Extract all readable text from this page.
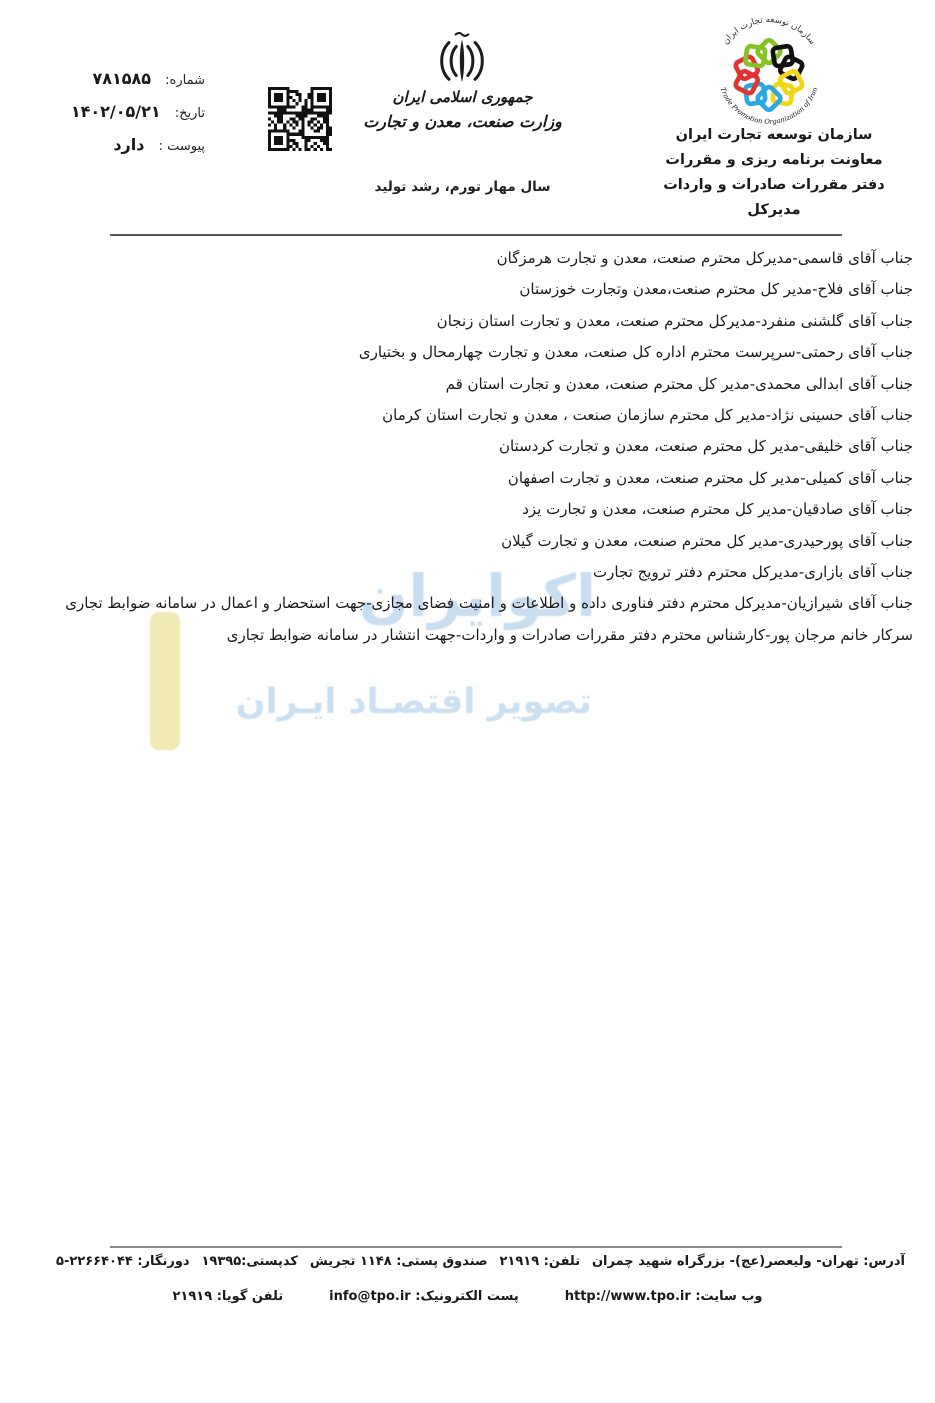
اکوایران
تصویر اقتصـاد ایـران
شماره: ۷۸۱۵۸۵
تاریخ: ۱۴۰۲/۰۵/۲۱
پیوست : دارد
جمهوری اسلامی ایران
وزارت صنعت، معدن و تجارت
سال مهار تورم، رشد تولید
سازمان توسعه تجارت ایران
Trade Promotion Organization of Iran
سازمان توسعه تجارت ایران
معاونت برنامه ریزی و مقررات
دفتر مقررات صادرات و واردات
مدیرکل
جناب آقای قاسمی-مدیرکل محترم صنعت، معدن و تجارت هرمزگان
جناب آقای فلاح-مدیر کل محترم صنعت،معدن وتجارت خوزستان
جناب آقای گلشنی منفرد-مدیرکل محترم صنعت، معدن و تجارت استان زنجان
جناب آقای رحمتی-سرپرست محترم اداره کل صنعت، معدن و تجارت چهارمحال و بختیاری
جناب آقای ابدالی محمدی-مدیر کل محترم صنعت، معدن و تجارت استان قم
جناب آقای حسینی نژاد-مدیر کل محترم سازمان صنعت ، معدن و تجارت استان کرمان
جناب آقای خلیقی-مدیر کل محترم صنعت، معدن و تجارت کردستان
جناب آقای کمیلی-مدیر کل محترم صنعت، معدن و تجارت اصفهان
جناب آقای صادقیان-مدیر کل محترم صنعت، معدن و تجارت یزد
جناب آقای پورحیدری-مدیر کل محترم صنعت، معدن و تجارت گیلان
جناب آقای بازاری-مدیرکل محترم دفتر ترویج تجارت
جناب آقای شیرازیان-مدیرکل محترم دفتر فناوری داده و اطلاعات و امنیت فضای مجازی-جهت استحضار و اعمال در سامانه ضوابط تجاری
سرکار خانم مرجان پور-کارشناس محترم دفتر مقررات صادرات و واردات-جهت انتشار در سامانه ضوابط تجاری
آدرس: تهران- ولیعصر(عج)- بزرگراه شهید چمران
تلفن: ۲۱۹۱۹
صندوق پستی: ۱۱۴۸ تجریش
کدپستی:۱۹۳۹۵
دورنگار: ۲۲۶۶۴۰۴۴-۵
وب سایت: http://www.tpo.ir
پست الکترونیک: info@tpo.ir
تلفن گویا: ۲۱۹۱۹
